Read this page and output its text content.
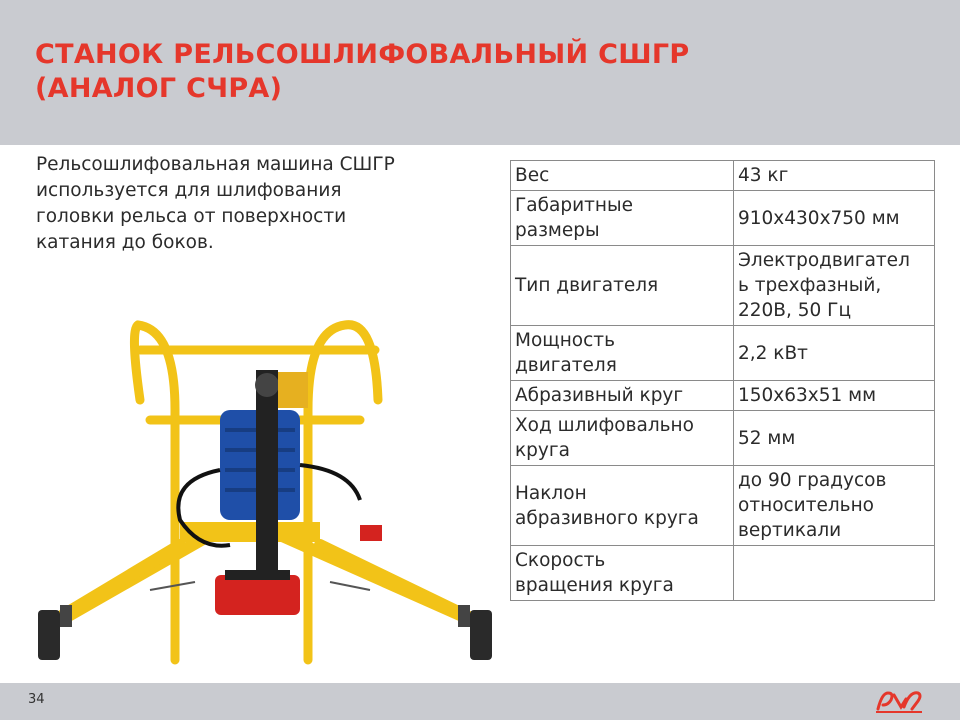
СТАНОК РЕЛЬСОШЛИФОВАЛЬНЫЙ СШГР
(АНАЛОГ СЧРА)

Рельсошлифовальная машина СШГР
используется для шлифования
головки рельса от поверхности
катания до боков.

Вес	43 кг
Габаритные
размеры	910x430x750 мм
Тип двигателя	Электродвигател
ь трехфазный,
220В, 50 Гц
Мощность
двигателя	2,2 кВт
Абразивный круг	150x63x51 мм
Ход шлифовально
круга	52 мм
Наклон
абразивного круга	до 90 градусов
относительно
вертикали
Скорость
вращения круга	
34
